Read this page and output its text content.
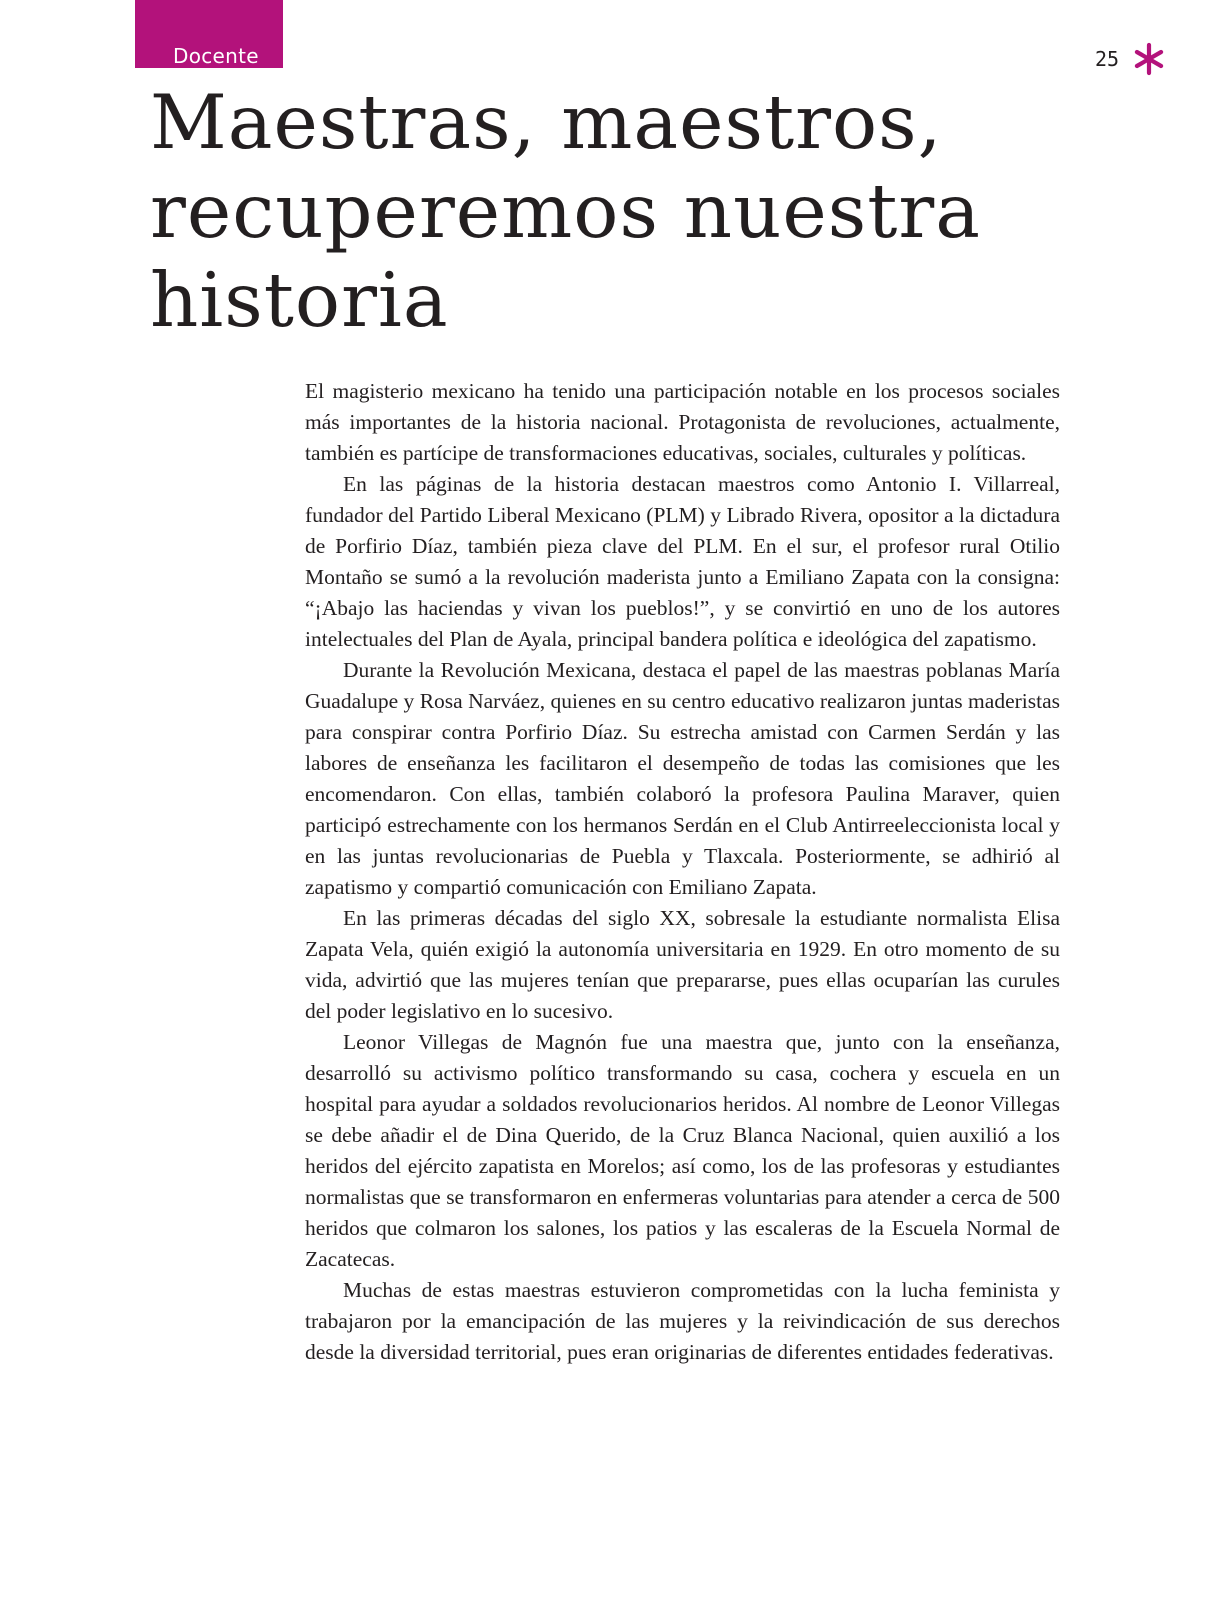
Docente	25
Maestras, maestros, recuperemos nuestra historia

El magisterio mexicano ha tenido una participación notable en los procesos sociales más importantes de la historia nacional. Protagonista de revoluciones, actualmente, también es partícipe de transformaciones educativas, sociales, culturales y políticas.

En las páginas de la historia destacan maestros como Antonio I. Villarreal, fundador del Partido Liberal Mexicano (PLM) y Librado Rivera, opositor a la dictadura de Porfirio Díaz, también pieza clave del PLM. En el sur, el profesor rural Otilio Montaño se sumó a la revolución maderista junto a Emiliano Zapata con la consigna: “¡Abajo las haciendas y vivan los pueblos!”, y se convirtió en uno de los autores intelectuales del Plan de Ayala, principal bandera política e ideológica del zapatismo.

Durante la Revolución Mexicana, destaca el papel de las maestras poblanas María Guadalupe y Rosa Narváez, quienes en su centro educativo realizaron juntas maderistas para conspirar contra Porfirio Díaz. Su estrecha amistad con Carmen Serdán y las labores de enseñanza les facilitaron el desempeño de todas las comisiones que les encomendaron. Con ellas, también colaboró la profesora Paulina Maraver, quien participó estrechamente con los hermanos Serdán en el Club Antirreeleccionista local y en las juntas revolucionarias de Puebla y Tlaxcala. Posteriormente, se adhirió al zapatismo y compartió comunicación con Emiliano Zapata.

En las primeras décadas del siglo XX, sobresale la estudiante normalista Elisa Zapata Vela, quién exigió la autonomía universitaria en 1929. En otro momento de su vida, advirtió que las mujeres tenían que prepararse, pues ellas ocuparían las curules del poder legislativo en lo sucesivo.

Leonor Villegas de Magnón fue una maestra que, junto con la enseñanza, desarrolló su activismo político transformando su casa, cochera y escuela en un hospital para ayudar a soldados revolucionarios heridos. Al nombre de Leonor Villegas se debe añadir el de Dina Querido, de la Cruz Blanca Nacional, quien auxilió a los heridos del ejército zapatista en Morelos; así como, los de las profesoras y estudiantes normalistas que se transformaron en enfermeras voluntarias para atender a cerca de 500 heridos que colmaron los salones, los patios y las escaleras de la Escuela Normal de Zacatecas.

Muchas de estas maestras estuvieron comprometidas con la lucha feminista y trabajaron por la emancipación de las mujeres y la reivindicación de sus derechos desde la diversidad territorial, pues eran originarias de diferentes entidades federativas.
